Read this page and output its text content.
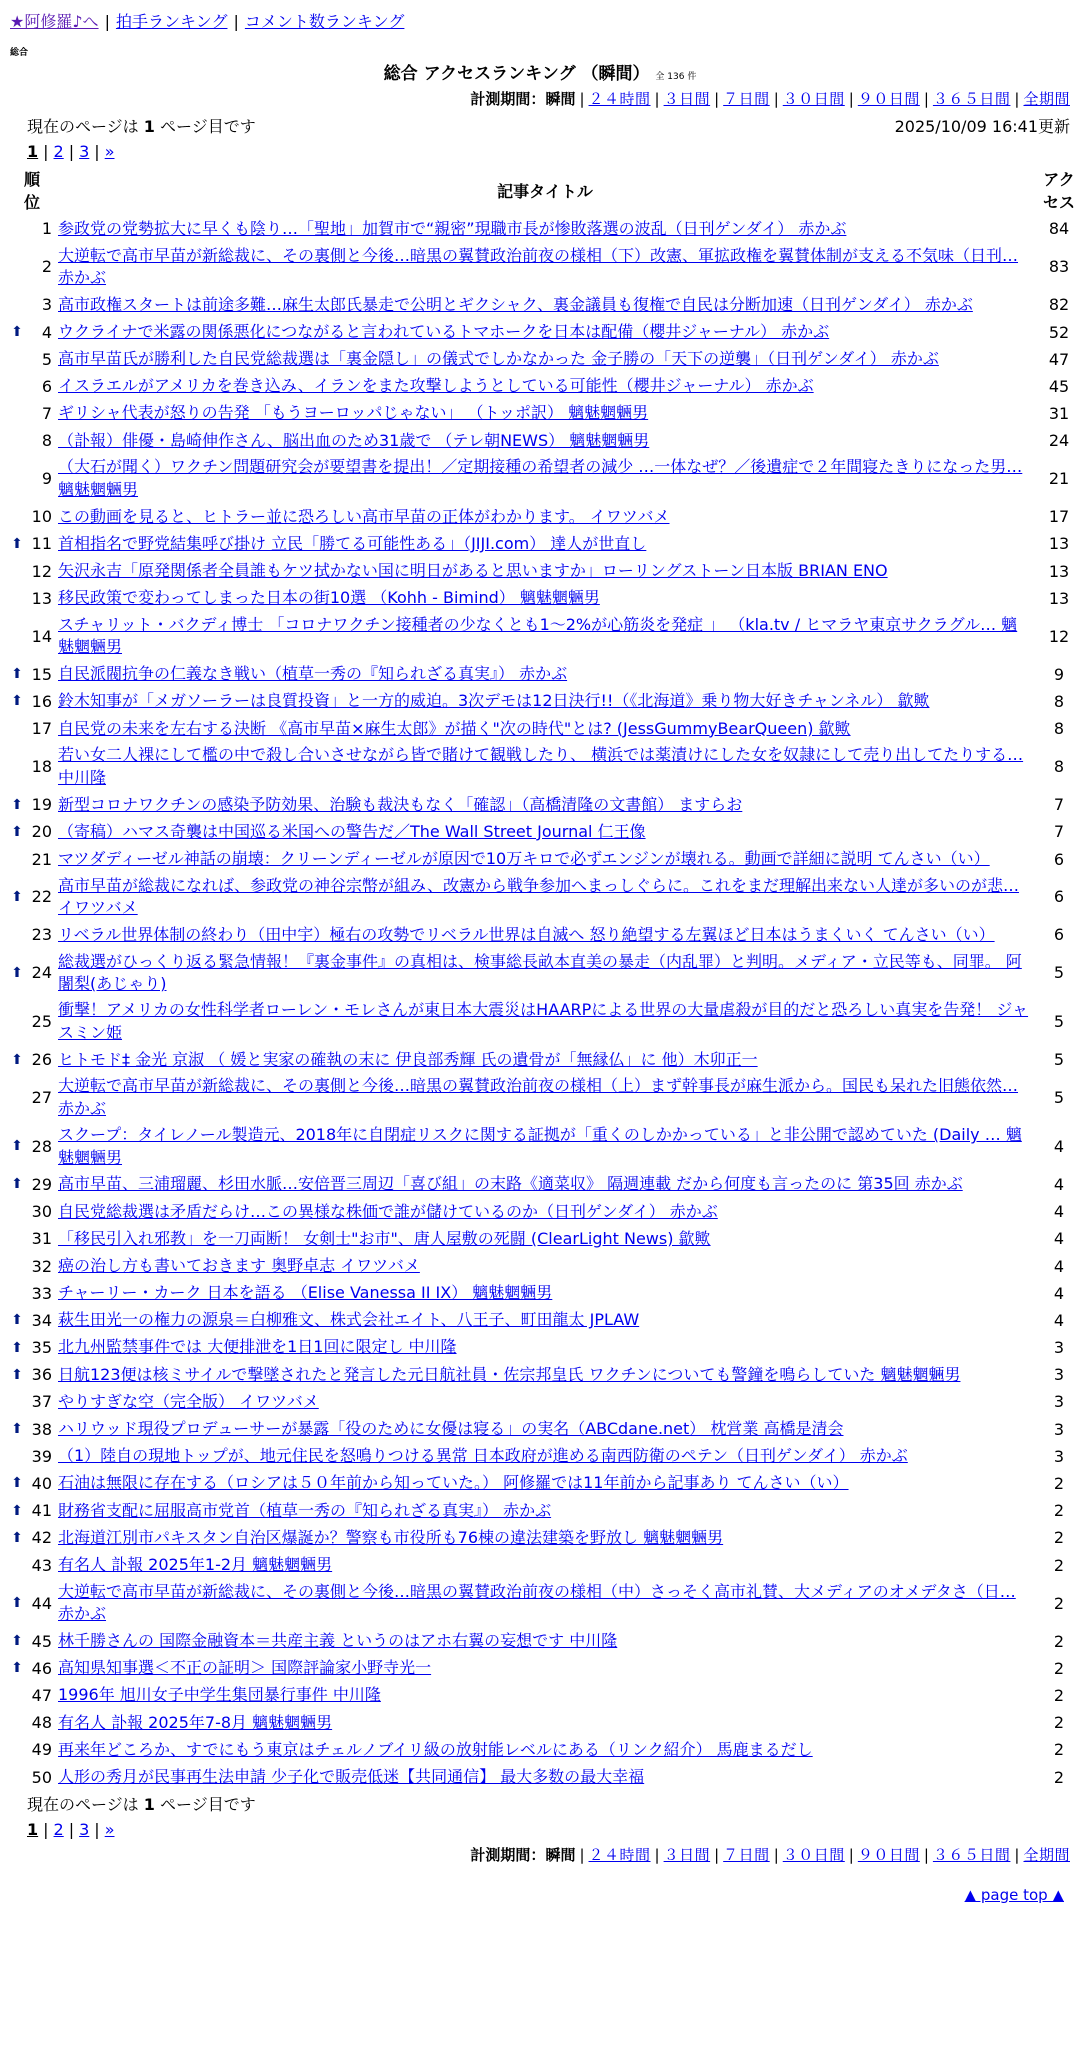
★阿修羅♪へ | 拍手ランキング | コメント数ランキング
総合
総合 アクセスランキング （瞬間） 全 136 件
計測期間：瞬間 | ２４時間 | ３日間 | ７日間 | ３０日間 | ９０日間 | ３６５日間 | 全期間
現在のページは 1 ページ目です	2025/10/09 16:41更新
1 | 2 | 3 | »
順位		記事タイトル	アクセス
	1	参政党の党勢拡大に早くも陰り…「聖地」加賀市で“親密”現職市長が惨敗落選の波乱（日刊ゲンダイ） 赤かぶ	84
	2	大逆転で高市早苗が新総裁に、その裏側と今後…暗黒の翼賛政治前夜の様相（下）改憲、軍拡政権を翼賛体制が支える不気味（日刊… 赤かぶ	83
	3	高市政権スタートは前途多難…麻生太郎氏暴走で公明とギクシャク、裏金議員も復権で自民は分断加速（日刊ゲンダイ） 赤かぶ	82
⬆	4	ウクライナで米露の関係悪化につながると言われているトマホークを日本は配備（櫻井ジャーナル） 赤かぶ	52
	5	高市早苗氏が勝利した自民党総裁選は「裏金隠し」の儀式でしかなかった 金子勝の「天下の逆襲」（日刊ゲンダイ） 赤かぶ	47
	6	イスラエルがアメリカを巻き込み、イランをまた攻撃しようとしている可能性（櫻井ジャーナル） 赤かぶ	45
	7	ギリシャ代表が怒りの告発 「もうヨーロッパじゃない」 （トッポ訳） 魑魅魍魎男	31
	8	（訃報）俳優・島崎伸作さん、脳出血のため31歳で （テレ朝NEWS） 魑魅魍魎男	24
	9	（大石が聞く）ワクチン問題研究会が要望書を提出！／定期接種の希望者の減少 …一体なぜ？／後遺症で２年間寝たきりになった男… 魑魅魍魎男	21
	10	この動画を見ると、ヒトラー並に恐ろしい高市早苗の正体がわかります。 イワツバメ	17
⬆	11	首相指名で野党結集呼び掛け 立民「勝てる可能性ある」（JIJI.com） 達人が世直し	13
	12	矢沢永吉「原発関係者全員誰もケツ拭かない国に明日があると思いますか」ローリングストーン日本版 BRIAN ENO	13
	13	移民政策で変わってしまった日本の街10選 （Kohh - Bimind） 魑魅魍魎男	13
	14	スチャリット・バクディ博士 「コロナワクチン接種者の少なくとも1〜2%が心筋炎を発症 」 （kla.tv / ヒマラヤ東京サクラグル… 魑魅魍魎男	12
⬆	15	自民派閥抗争の仁義なき戦い（植草一秀の『知られざる真実』） 赤かぶ	9
⬆	16	鈴木知事が「メガソーラーは良質投資」と一方的威迫。3次デモは12日決行!!（《北海道》乗り物大好きチャンネル） 歙歟	8
	17	自民党の未来を左右する決断 《高市早苗×麻生太郎》が描く"次の時代"とは? (JessGummyBearQueen) 歙歟	8
	18	若い女二人裸にして檻の中で殺し合いさせながら皆で賭けて観戦したり、 横浜では薬漬けにした女を奴隷にして売り出してたりする… 中川隆	8
⬆	19	新型コロナワクチンの感染予防効果、治験も裁決もなく「確認」（高橋清隆の文書館） ますらお	7
⬆	20	（寄稿）ハマス奇襲は中国巡る米国への警告だ／The Wall Street Journal 仁王像	7
	21	マツダディーゼル神話の崩壊：クリーンディーゼルが原因で10万キロで必ずエンジンが壊れる。動画で詳細に説明 てんさい（い）	6
⬆	22	高市早苗が総裁になれば、参政党の神谷宗幣が組み、改憲から戦争参加へまっしぐらに。これをまだ理解出来ない人達が多いのが悲… イワツバメ	6
	23	リベラル世界体制の終わり（田中宇）極右の攻勢でリベラル世界は自滅へ 怒り絶望する左翼ほど日本はうまくいく てんさい（い）	6
⬆	24	総裁選がひっくり返る緊急情報！『裏金事件』の真相は、検事総長畝本直美の暴走（内乱罪）と判明。メディア・立民等も、同罪。 阿闍梨(あじゃり)	5
	25	衝撃！アメリカの女性科学者ローレン・モレさんが東日本大震災はHAARPによる世界の大量虐殺が目的だと恐ろしい真実を告発！ ジャスミン姫	5
⬆	26	ヒトモド‡ 金光 京淑 （ 媛と実家の確執の末に 伊良部秀輝 氏の遺骨が「無縁仏」に 他）木卯正一	5
	27	大逆転で高市早苗が新総裁に、その裏側と今後…暗黒の翼賛政治前夜の様相（上）まず幹事長が麻生派から。国民も呆れた旧態依然… 赤かぶ	5
⬆	28	スクープ：タイレノール製造元、2018年に自閉症リスクに関する証拠が「重くのしかかっている」と非公開で認めていた (Daily … 魑魅魍魎男	4
⬆	29	高市早苗、三浦瑠麗、杉田水脈…安倍晋三周辺「喜び組」の末路《適菜収》 隔週連載 だから何度も言ったのに 第35回 赤かぶ	4
	30	自民党総裁選は矛盾だらけ…この異様な株価で誰が儲けているのか（日刊ゲンダイ） 赤かぶ	4
	31	「移民引入れ邪教」を一刀両断！ 女剣士"お市"、唐人屋敷の死闘 (ClearLight News) 歙歟	4
	32	癌の治し方も書いておきます 奥野卓志 イワツバメ	4
	33	チャーリー・カーク 日本を語る （Elise Vanessa II IX） 魑魅魍魎男	4
⬆	34	萩生田光一の権力の源泉＝白柳雅文、株式会社エイト、八王子、町田龍太 JPLAW	4
⬆	35	北九州監禁事件では 大便排泄を1日1回に限定し 中川隆	3
⬆	36	日航123便は核ミサイルで撃墜されたと発言した元日航社員・佐宗邦皇氏 ワクチンについても警鐘を鳴らしていた 魑魅魍魎男	3
	37	やりすぎな空（完全版） イワツバメ	3
⬆	38	ハリウッド現役プロデューサーが暴露「役のために女優は寝る」の実名（ABCdane.net） 枕営業 高橋是清会	3
	39	（1）陸自の現地トップが、地元住民を怒鳴りつける異常 日本政府が進める南西防衛のペテン（日刊ゲンダイ） 赤かぶ	3
⬆	40	石油は無限に存在する（ロシアは５０年前から知っていた。） 阿修羅では11年前から記事あり てんさい（い）	2
⬆	41	財務省支配に屈服高市党首（植草一秀の『知られざる真実』） 赤かぶ	2
⬆	42	北海道江別市パキスタン自治区爆誕か？警察も市役所も76棟の違法建築を野放し 魑魅魍魎男	2
	43	有名人 訃報 2025年1-2月 魑魅魍魎男	2
⬆	44	大逆転で高市早苗が新総裁に、その裏側と今後…暗黒の翼賛政治前夜の様相（中）さっそく高市礼賛、大メディアのオメデタさ（日… 赤かぶ	2
⬆	45	林千勝さんの 国際金融資本＝共産主義 というのはアホ右翼の妄想です 中川隆	2
⬆	46	高知県知事選＜不正の証明＞ 国際評論家小野寺光一	2
	47	1996年 旭川女子中学生集団暴行事件 中川隆	2
	48	有名人 訃報 2025年7-8月 魑魅魍魎男	2
	49	再来年どころか、すでにもう東京はチェルノブイリ級の放射能レベルにある（リンク紹介） 馬鹿まるだし	2
	50	人形の秀月が民事再生法申請 少子化で販売低迷【共同通信】 最大多数の最大幸福	2
現在のページは 1 ページ目です
1 | 2 | 3 | »
計測期間：瞬間 | ２４時間 | ３日間 | ７日間 | ３０日間 | ９０日間 | ３６５日間 | 全期間
▲ page top ▲
